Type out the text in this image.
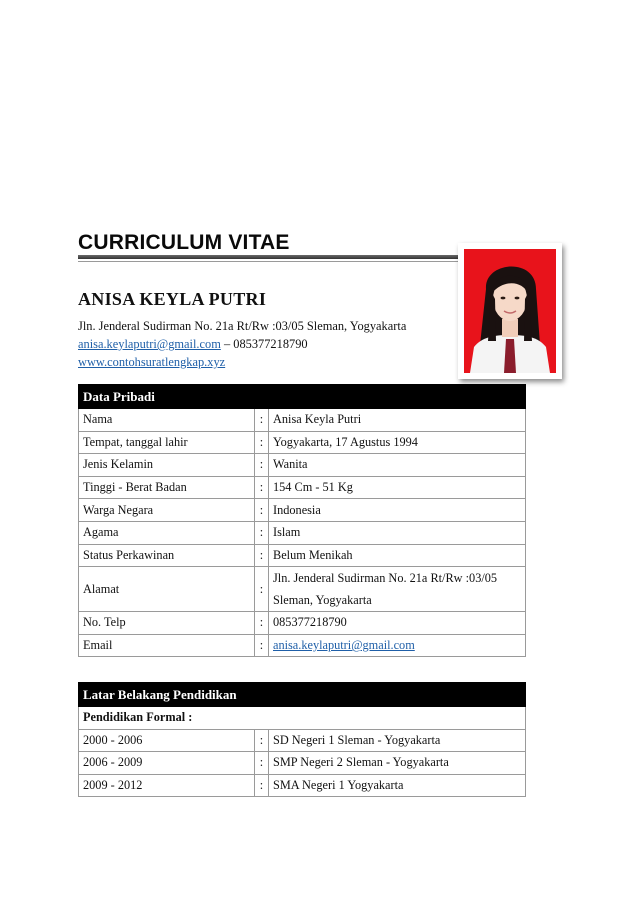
CURRICULUM VITAE
ANISA KEYLA PUTRI
Jln. Jenderal Sudirman No. 21a Rt/Rw :03/05 Sleman, Yogyakarta
anisa.keylaputri@gmail.com – 085377218790
www.contohsuratlengkap.xyz
Data Pribadi		
Nama	:	Anisa Keyla Putri
Tempat, tanggal lahir	:	Yogyakarta, 17 Agustus 1994
Jenis Kelamin	:	Wanita
Tinggi - Berat Badan	:	154 Cm - 51 Kg
Warga Negara	:	Indonesia
Agama	:	Islam
Status Perkawinan	:	Belum Menikah
Alamat	:	Jln. Jenderal Sudirman No. 21a Rt/Rw :03/05 Sleman, Yogyakarta
No. Telp	:	085377218790
Email	:	anisa.keylaputri@gmail.com
Latar Belakang Pendidikan		
Pendidikan Formal :		
2000 - 2006	:	SD Negeri 1 Sleman - Yogyakarta
2006 - 2009	:	SMP Negeri 2 Sleman - Yogyakarta
2009 - 2012	:	SMA Negeri 1 Yogyakarta
